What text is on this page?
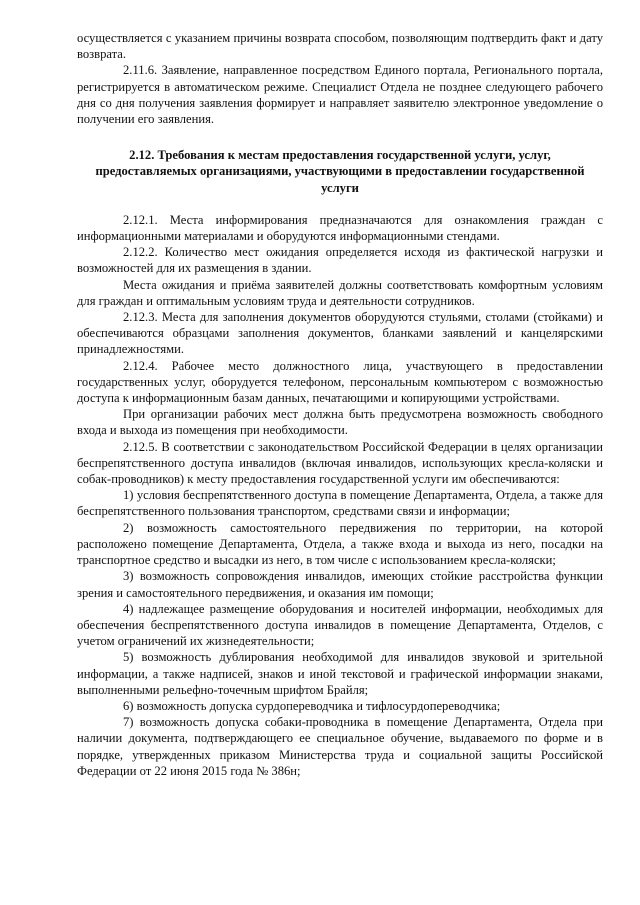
осуществляется с указанием причины возврата способом, позволяющим подтвердить факт и дату возврата.

2.11.6. Заявление, направленное посредством Единого портала, Регионального портала, регистрируется в автоматическом режиме. Специалист Отдела не позднее следующего рабочего дня со дня получения заявления формирует и направляет заявителю электронное уведомление о получении его заявления.

2.12. Требования к местам предоставления государственной услуги, услуг, предоставляемых организациями, участвующими в предоставлении государственной услуги

2.12.1. Места информирования предназначаются для ознакомления граждан с информационными материалами и оборудуются информационными стендами.

2.12.2. Количество мест ожидания определяется исходя из фактической нагрузки и возможностей для их размещения в здании.

Места ожидания и приёма заявителей должны соответствовать комфортным условиям для граждан и оптимальным условиям труда и деятельности сотрудников.

2.12.3. Места для заполнения документов оборудуются стульями, столами (стойками) и обеспечиваются образцами заполнения документов, бланками заявлений и канцелярскими принадлежностями.

2.12.4. Рабочее место должностного лица, участвующего в предоставлении государственных услуг, оборудуется телефоном, персональным компьютером с возможностью доступа к информационным базам данных, печатающими и копирующими устройствами.

При организации рабочих мест должна быть предусмотрена возможность свободного входа и выхода из помещения при необходимости.

2.12.5. В соответствии с законодательством Российской Федерации в целях организации беспрепятственного доступа инвалидов (включая инвалидов, использующих кресла-коляски и собак-проводников) к месту предоставления государственной услуги им обеспечиваются:

1) условия беспрепятственного доступа в помещение Департамента, Отдела, а также для беспрепятственного пользования транспортом, средствами связи и информации;

2) возможность самостоятельного передвижения по территории, на которой расположено помещение Департамента, Отдела, а также входа и выхода из него, посадки на транспортное средство и высадки из него, в том числе с использованием кресла-коляски;

3) возможность сопровождения инвалидов, имеющих стойкие расстройства функции зрения и самостоятельного передвижения, и оказания им помощи;

4) надлежащее размещение оборудования и носителей информации, необходимых для обеспечения беспрепятственного доступа инвалидов в помещение Департамента, Отделов, с учетом ограничений их жизнедеятельности;

5) возможность дублирования необходимой для инвалидов звуковой и зрительной информации, а также надписей, знаков и иной текстовой и графической информации знаками, выполненными рельефно-точечным шрифтом Брайля;

6) возможность допуска сурдопереводчика и тифлосурдопереводчика;

7) возможность допуска собаки-проводника в помещение Департамента, Отдела при наличии документа, подтверждающего ее специальное обучение, выдаваемого по форме и в порядке, утвержденных приказом Министерства труда и социальной защиты Российской Федерации от 22 июня 2015 года № 386н;
